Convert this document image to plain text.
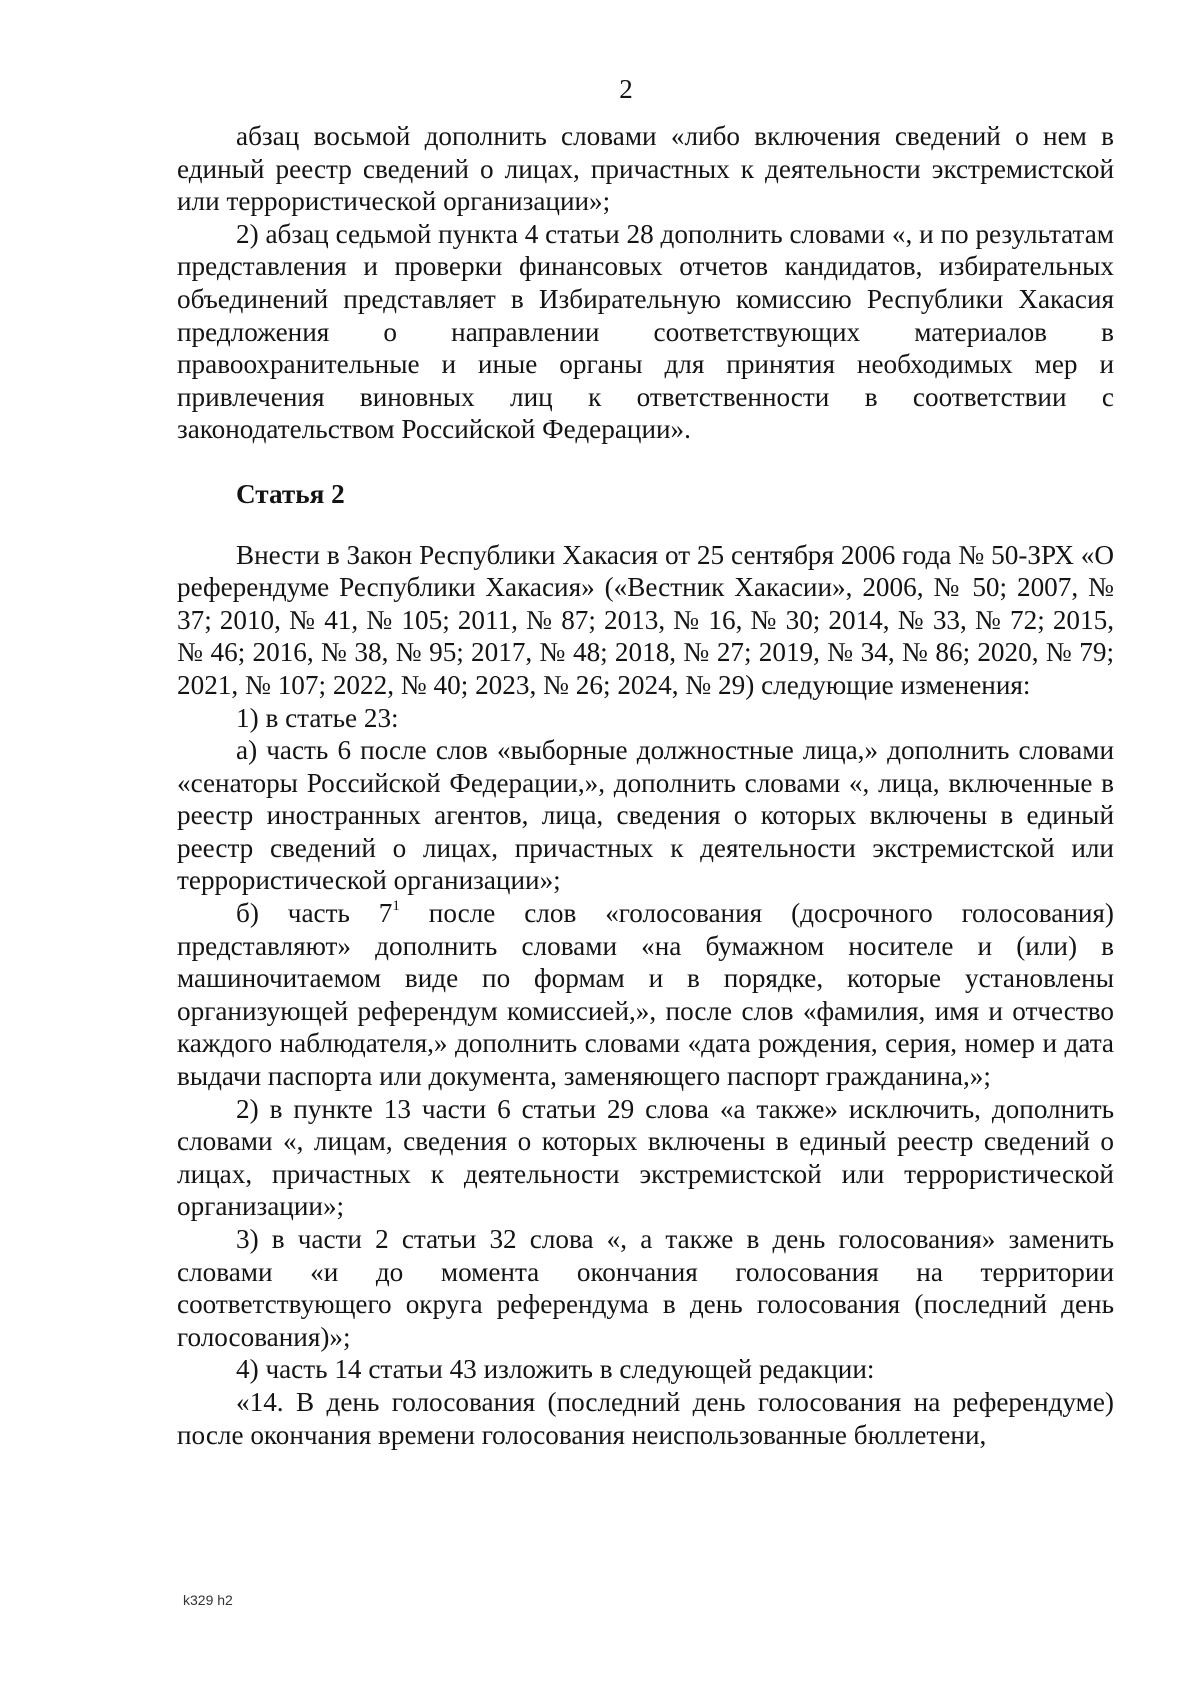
2

абзац восьмой дополнить словами «либо включения сведений о нем в единый реестр сведений о лицах, причастных к деятельности экстремистской или террористической организации»;

2) абзац седьмой пункта 4 статьи 28 дополнить словами «, и по результатам представления и проверки финансовых отчетов кандидатов, избирательных объединений представляет в Избирательную комиссию Республики Хакасия предложения о направлении соответствующих материалов в правоохранительные и иные органы для принятия необходимых мер и привлечения виновных лиц к ответственности в соответствии с законодательством Российской Федерации».

Статья 2

Внести в Закон Республики Хакасия от 25 сентября 2006 года № 50-ЗРХ «О референдуме Республики Хакасия» («Вестник Хакасии», 2006, № 50; 2007, № 37; 2010, № 41, № 105; 2011, № 87; 2013, № 16, № 30; 2014, № 33, № 72; 2015, № 46; 2016, № 38, № 95; 2017, № 48; 2018, № 27; 2019, № 34, № 86; 2020, № 79; 2021, № 107; 2022, № 40; 2023, № 26; 2024, № 29) следующие изменения:

1) в статье 23:

а) часть 6 после слов «выборные должностные лица,» дополнить словами «сенаторы Российской Федерации,», дополнить словами «, лица, включенные в реестр иностранных агентов, лица, сведения о которых включены в единый реестр сведений о лицах, причастных к деятельности экстремистской или террористической организации»;

б) часть $7^1$ после слов «голосования (досрочного голосования) представляют» дополнить словами «на бумажном носителе и (или) в машиночитаемом виде по формам и в порядке, которые установлены организующей референдум комиссией,», после слов «фамилия, имя и отчество каждого наблюдателя,» дополнить словами «дата рождения, серия, номер и дата выдачи паспорта или документа, заменяющего паспорт гражданина,»;

2) в пункте 13 части 6 статьи 29 слова «а также» исключить, дополнить словами «, лицам, сведения о которых включены в единый реестр сведений о лицах, причастных к деятельности экстремистской или террористической организации»;

3) в части 2 статьи 32 слова «, а также в день голосования» заменить словами «и до момента окончания голосования на территории соответствующего округа референдума в день голосования (последний день голосования)»;

4) часть 14 статьи 43 изложить в следующей редакции:

«14. В день голосования (последний день голосования на референдуме) после окончания времени голосования неиспользованные бюллетени,

k329 h2
